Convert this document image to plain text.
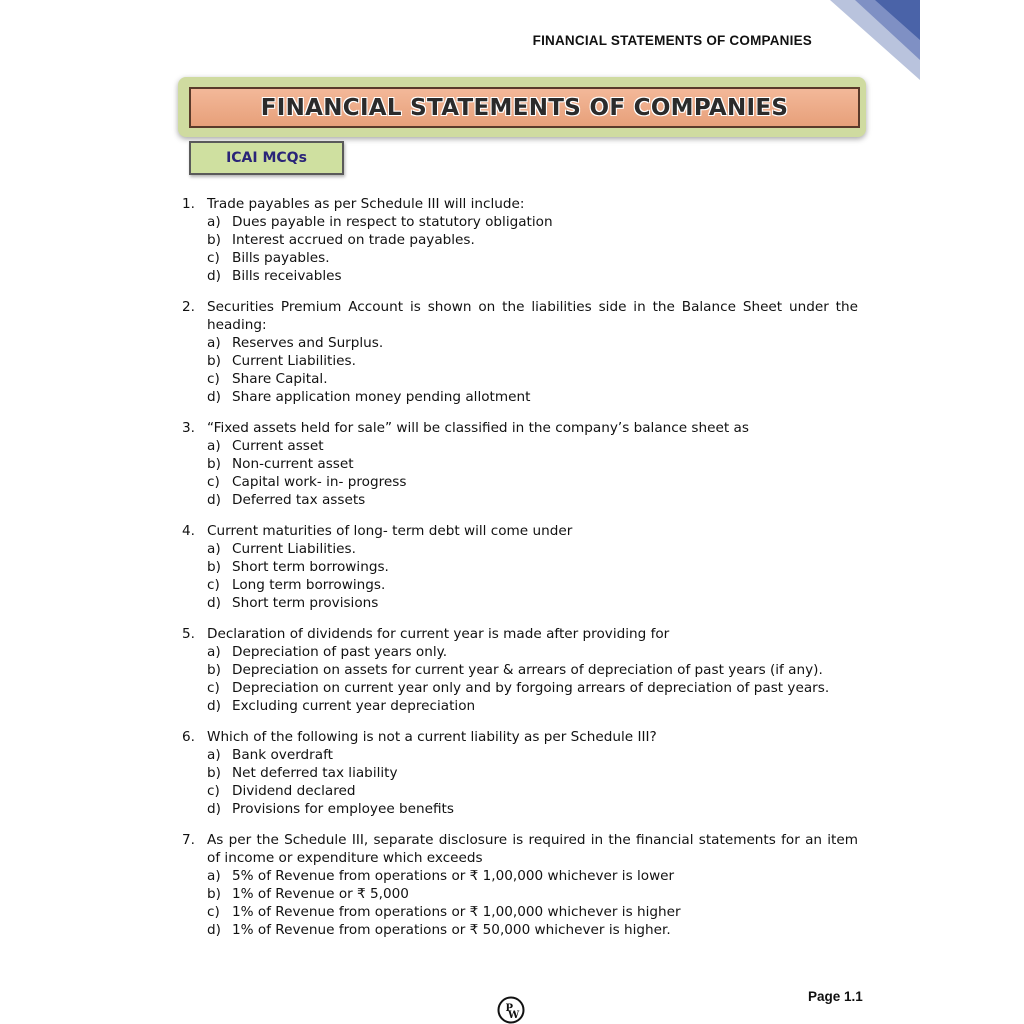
FINANCIAL STATEMENTS OF COMPANIES
FINANCIAL STATEMENTS OF COMPANIES
ICAI MCQs
1. Trade payables as per Schedule III will include:
a) Dues payable in respect to statutory obligation
b) Interest accrued on trade payables.
c) Bills payables.
d) Bills receivables
2. Securities Premium Account is shown on the liabilities side in the Balance Sheet under the heading:
a) Reserves and Surplus.
b) Current Liabilities.
c) Share Capital.
d) Share application money pending allotment
3. “Fixed assets held for sale” will be classified in the company’s balance sheet as
a) Current asset
b) Non-current asset
c) Capital work- in- progress
d) Deferred tax assets
4. Current maturities of long- term debt will come under
a) Current Liabilities.
b) Short term borrowings.
c) Long term borrowings.
d) Short term provisions
5. Declaration of dividends for current year is made after providing for
a) Depreciation of past years only.
b) Depreciation on assets for current year & arrears of depreciation of past years (if any).
c) Depreciation on current year only and by forgoing arrears of depreciation of past years.
d) Excluding current year depreciation
6. Which of the following is not a current liability as per Schedule III?
a) Bank overdraft
b) Net deferred tax liability
c) Dividend declared
d) Provisions for employee benefits
7. As per the Schedule III, separate disclosure is required in the financial statements for an item of income or expenditure which exceeds
a) 5% of Revenue from operations or ₹ 1,00,000 whichever is lower
b) 1% of Revenue or ₹ 5,000
c) 1% of Revenue from operations or ₹ 1,00,000 whichever is higher
d) 1% of Revenue from operations or ₹ 50,000 whichever is higher.
Page 1.1
P
W
